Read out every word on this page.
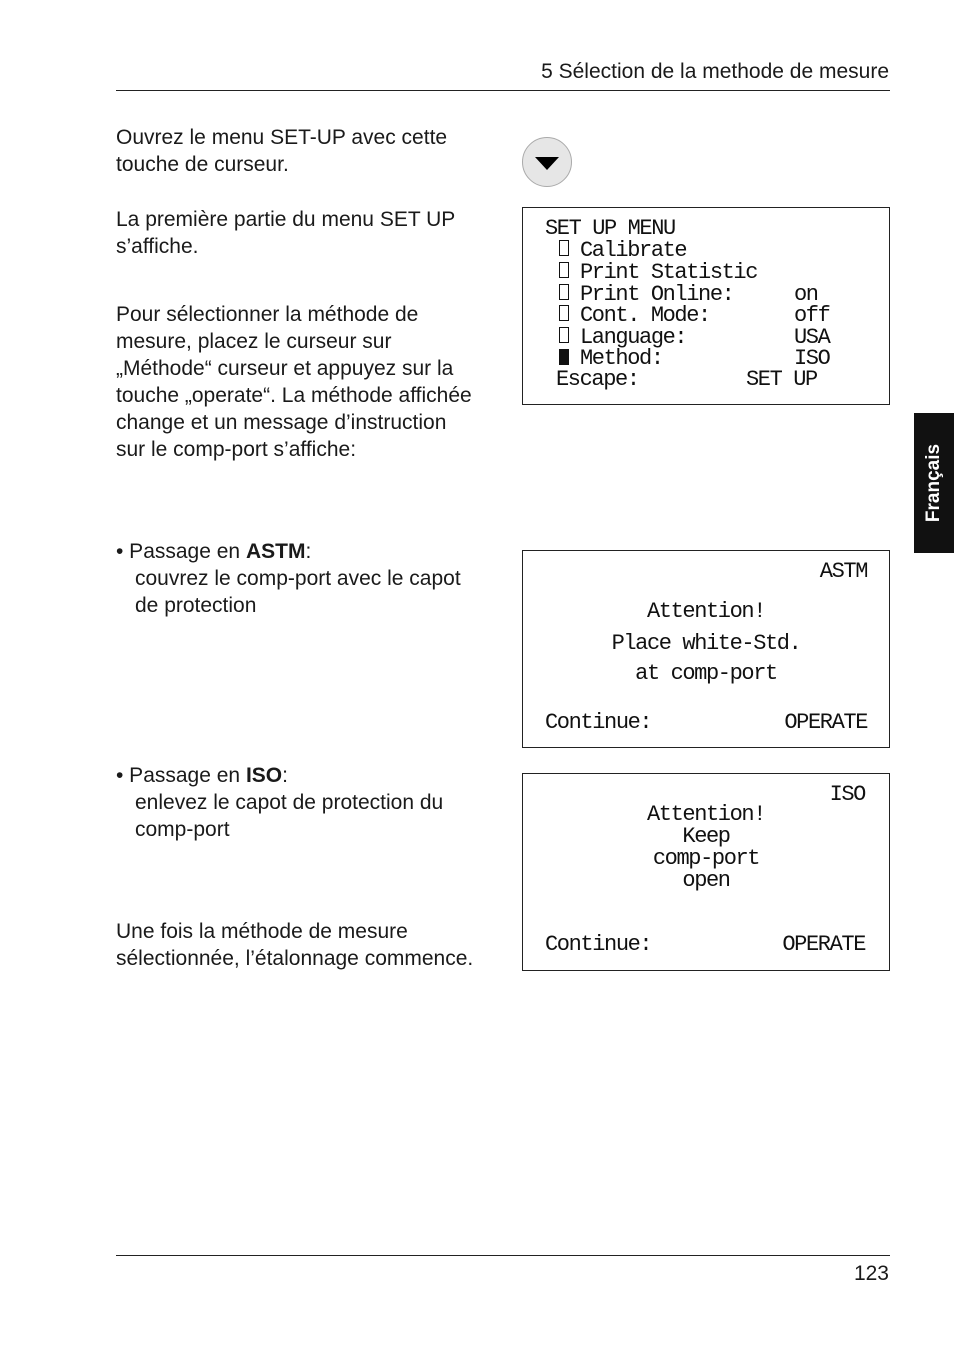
5 Sélection de la methode de mesure
Français
Ouvrez le menu SET-UP avec cette
touche de curseur.
La première partie du menu SET UP
s’affiche.
Pour sélectionner la méthode de
mesure, placez le curseur sur
„Méthode“ curseur et appuyez sur la
touche „operate“. La méthode affichée
change et un message d’instruction
sur le comp-port s’affiche:
• Passage en ASTM:
couvrez le comp-port avec le capot
de protection
• Passage en ISO:
enlevez le capot de protection du
comp-port
Une fois la méthode de mesure
sélectionnée, l’étalonnage commence.
SET UP MENU
Calibrate
Print Statistic
Print Online:	on
Cont. Mode:	off
Language:	USA
Method:	ISO
Escape:	SET UP
ASTM
Attention!
Place white-Std.
at comp-port
Continue:	OPERATE
ISO
Attention!
Keep
comp-port
open
Continue:	OPERATE
123
